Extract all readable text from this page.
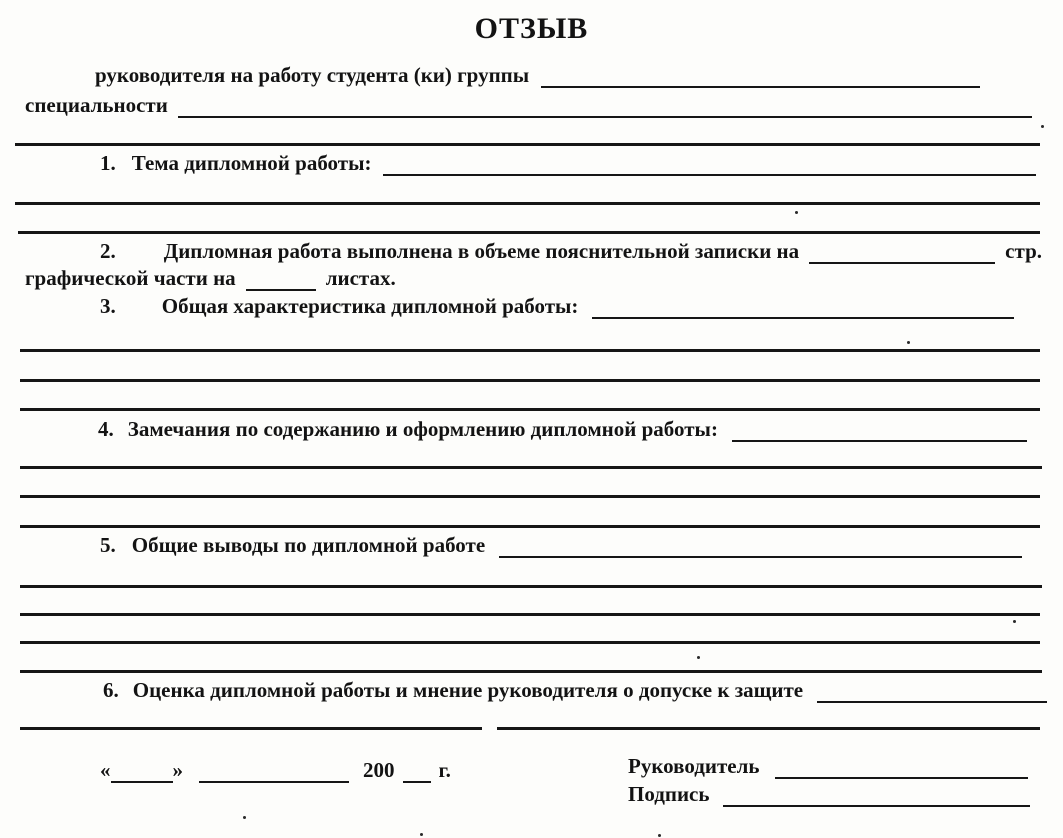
ОТЗЫВ
руководителя на работу студента (ки) группы
специальности
1. Тема дипломной работы:
2. Дипломная работа выполнена в объеме пояснительной записки на	стр.
графической части на	листах.
3. Общая характеристика дипломной работы:
4. Замечания по содержанию и оформлению дипломной работы:
5. Общие выводы по дипломной работе
6. Оценка дипломной работы и мнение руководителя о допуске к защите
«	»	200 г.	Руководитель
Подпись
